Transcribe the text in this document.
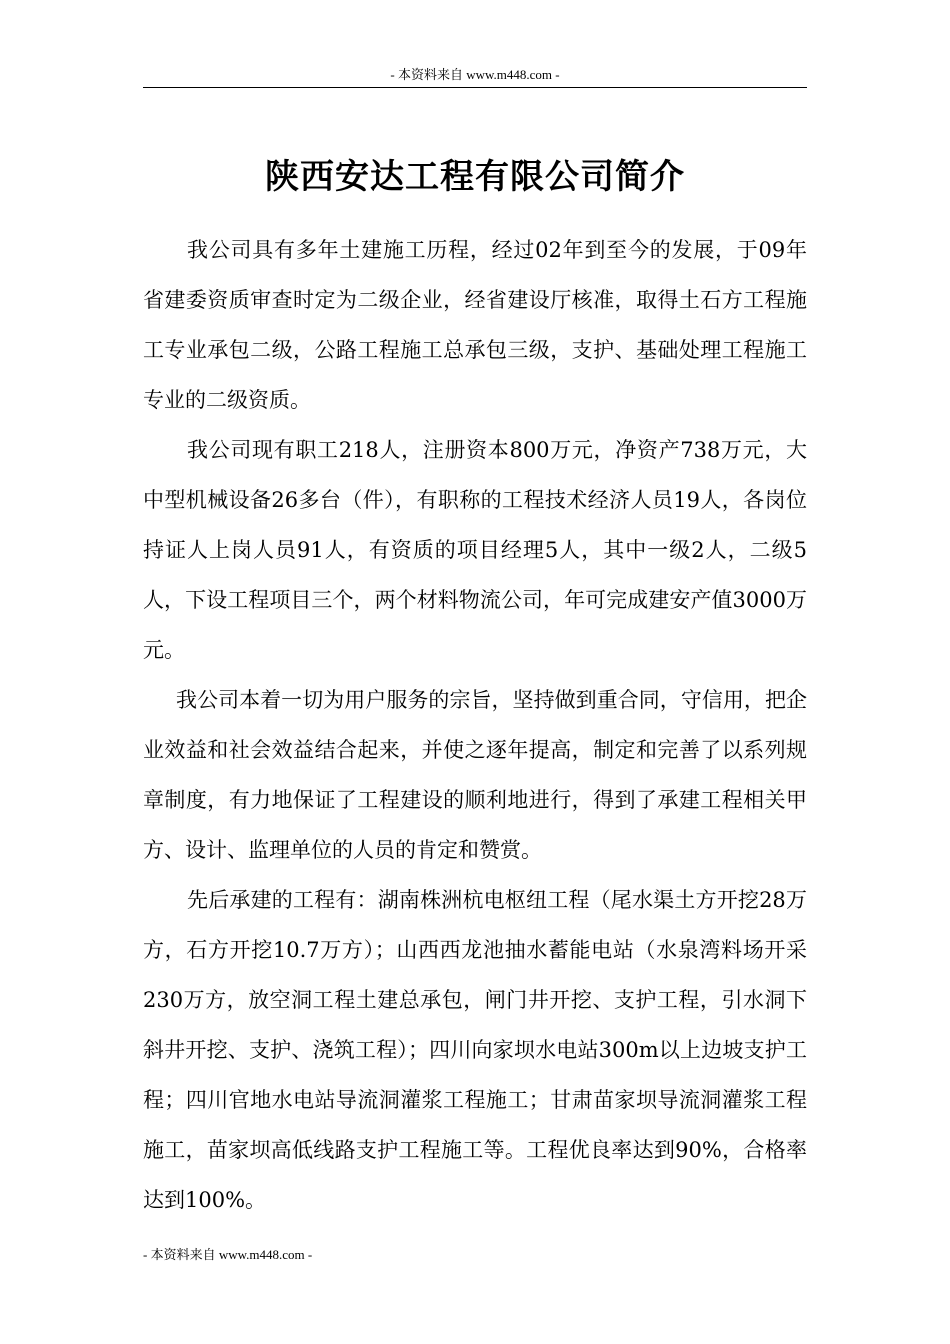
- 本资料来自 www.m448.com -
陕西安达工程有限公司简介

我公司具有多年土建施工历程，经过02年到至今的发展，于09年省建委资质审查时定为二级企业，经省建设厅核准，取得土石方工程施工专业承包二级，公路工程施工总承包三级，支护、基础处理工程施工专业的二级资质。

我公司现有职工218人，注册资本800万元，净资产738万元，大中型机械设备26多台（件），有职称的工程技术经济人员19人，各岗位持证人上岗人员91人，有资质的项目经理5人，其中一级2人，二级5人，下设工程项目三个，两个材料物流公司，年可完成建安产值3000万元。

我公司本着一切为用户服务的宗旨，坚持做到重合同，守信用，把企业效益和社会效益结合起来，并使之逐年提高，制定和完善了以系列规章制度，有力地保证了工程建设的顺利地进行，得到了承建工程相关甲方、设计、监理单位的人员的肯定和赞赏。

先后承建的工程有：湖南株洲杭电枢纽工程（尾水渠土方开挖28万方，石方开挖10.7万方）；山西西龙池抽水蓄能电站（水泉湾料场开采230万方，放空洞工程土建总承包，闸门井开挖、支护工程，引水洞下斜井开挖、支护、浇筑工程）；四川向家坝水电站300m以上边坡支护工程；四川官地水电站导流洞灌浆工程施工；甘肃苗家坝导流洞灌浆工程施工，苗家坝高低线路支护工程施工等。工程优良率达到90%，合格率达到100%。

- 本资料来自 www.m448.com -
